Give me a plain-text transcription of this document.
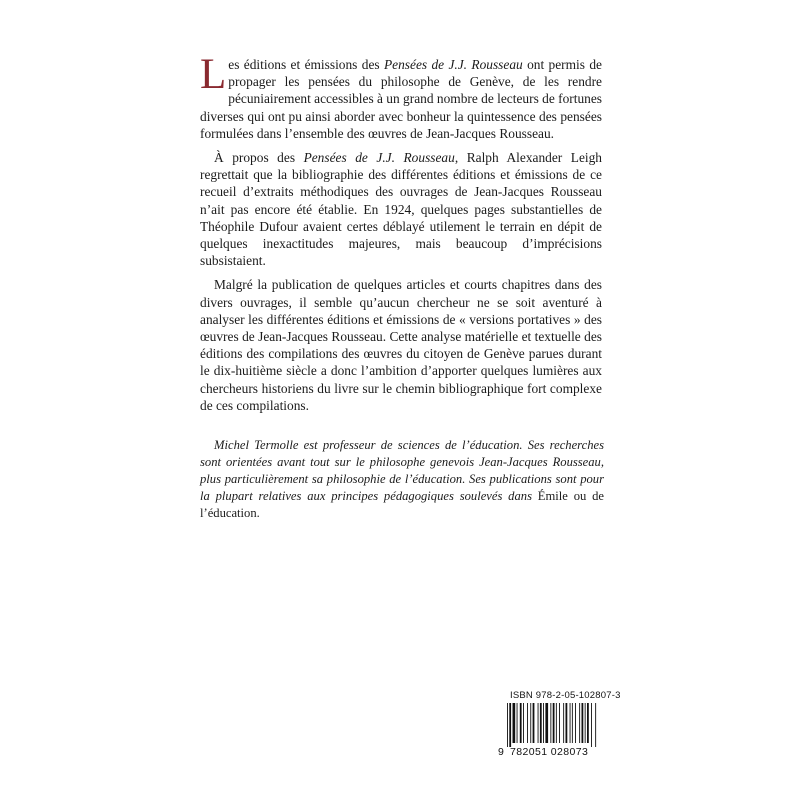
Les éditions et émissions des Pensées de J.J. Rousseau ont permis de propager les pensées du philosophe de Genève, de les rendre pécuniairement accessibles à un grand nombre de lecteurs de fortunes diverses qui ont pu ainsi aborder avec bonheur la quintessence des pensées formulées dans l’ensemble des œuvres de Jean-Jacques Rousseau.

À propos des Pensées de J.J. Rousseau, Ralph Alexander Leigh regrettait que la bibliographie des différentes éditions et émissions de ce recueil d’extraits méthodiques des ouvrages de Jean-Jacques Rousseau n’ait pas encore été établie. En 1924, quelques pages substantielles de Théophile Dufour avaient certes déblayé utilement le terrain en dépit de quelques inexactitudes majeures, mais beaucoup d’imprécisions subsistaient.

Malgré la publication de quelques articles et courts chapitres dans des divers ouvrages, il semble qu’aucun chercheur ne se soit aventuré à analyser les différentes éditions et émissions de « versions portatives » des œuvres de Jean-Jacques Rousseau. Cette analyse matérielle et textuelle des éditions des compilations des œuvres du citoyen de Genève parues durant le dix-huitième siècle a donc l’ambition d’apporter quelques lumières aux chercheurs historiens du livre sur le chemin bibliographique fort complexe de ces compilations.

Michel Termolle est professeur de sciences de l’éducation. Ses recherches sont orientées avant tout sur le philosophe genevois Jean-Jacques Rousseau, plus particulièrement sa philosophie de l’éducation. Ses publications sont pour la plupart relatives aux principes pédagogiques soulevés dans Émile ou de l’éducation.

ISBN 978-2-05-102807-3
9 782051 028073
